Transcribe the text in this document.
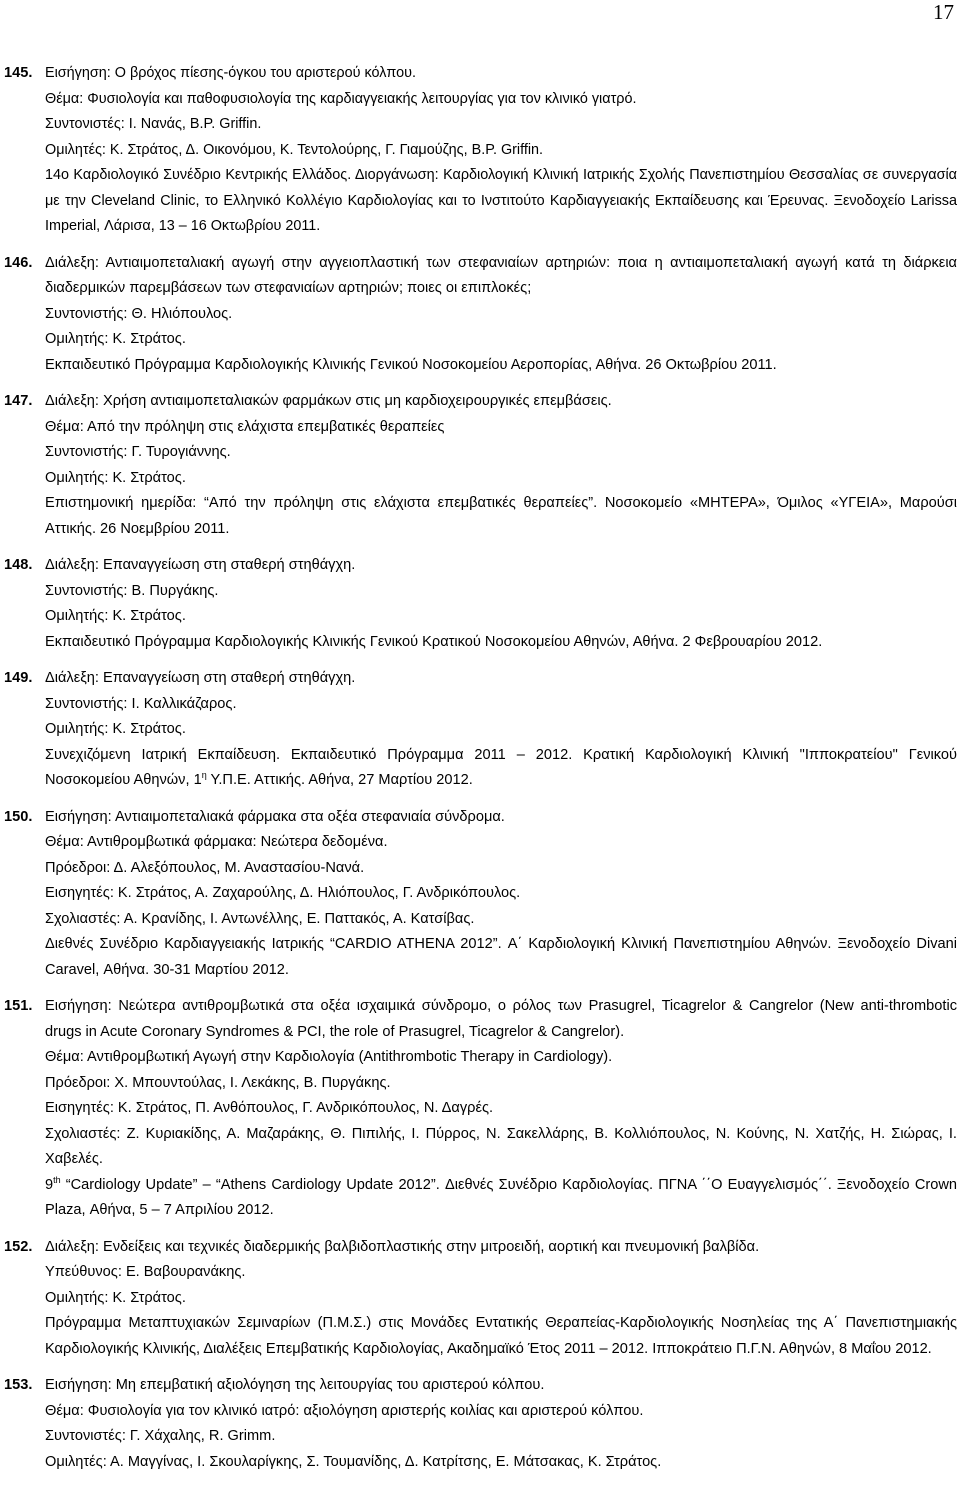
17
145. Εισήγηση: Ο βρόχος πίεσης-όγκου του αριστερού κόλπου.
Θέμα: Φυσιολογία και παθοφυσιολογία της καρδιαγγειακής λειτουργίας για τον κλινικό γιατρό.
Συντονιστές: Ι. Νανάς, Β.Ρ. Griffin.
Ομιλητές: Κ. Στράτος, Δ. Οικονόμου, Κ. Τεντολούρης, Γ. Γιαμούζης, Β.Ρ. Griffin.
14ο Καρδιολογικό Συνέδριο Κεντρικής Ελλάδος. Διοργάνωση: Καρδιολογική Κλινική Ιατρικής Σχολής Πανεπιστημίου Θεσσαλίας σε συνεργασία με την Cleveland Clinic, το Ελληνικό Κολλέγιο Καρδιολογίας και το Ινστιτούτο Καρδιαγγειακής Εκπαίδευσης και Έρευνας. Ξενοδοχείο Larissa Imperial, Λάρισα, 13 – 16 Οκτωβρίου 2011.
146. Διάλεξη: Αντιαιμοπεταλιακή αγωγή στην αγγειοπλαστική των στεφανιαίων αρτηριών: ποια η αντιαιμοπεταλιακή αγωγή κατά τη διάρκεια διαδερμικών παρεμβάσεων των στεφανιαίων αρτηριών; ποιες οι επιπλοκές;
Συντονιστής: Θ. Ηλιόπουλος.
Ομιλητής: Κ. Στράτος.
Εκπαιδευτικό Πρόγραμμα Καρδιολογικής Κλινικής Γενικού Νοσοκομείου Αεροπορίας, Αθήνα. 26 Οκτωβρίου 2011.
147. Διάλεξη: Χρήση αντιαιμοπεταλιακών φαρμάκων στις μη καρδιοχειρουργικές επεμβάσεις.
Θέμα: Από την πρόληψη στις ελάχιστα επεμβατικές θεραπείες
Συντονιστής: Γ. Τυρογιάννης.
Ομιλητής: Κ. Στράτος.
Επιστημονική ημερίδα: “Από την πρόληψη στις ελάχιστα επεμβατικές θεραπείες”. Νοσοκομείο «ΜΗΤΕΡΑ», Όμιλος «ΥΓΕΙΑ», Μαρούσι Αττικής. 26 Νοεμβρίου 2011.
148. Διάλεξη: Επαναγγείωση στη σταθερή στηθάγχη.
Συντονιστής: Β. Πυργάκης.
Ομιλητής: Κ. Στράτος.
Εκπαιδευτικό Πρόγραμμα Καρδιολογικής Κλινικής Γενικού Κρατικού Νοσοκομείου Αθηνών, Αθήνα. 2 Φεβρουαρίου 2012.
149. Διάλεξη: Επαναγγείωση στη σταθερή στηθάγχη.
Συντονιστής: Ι. Καλλικάζαρος.
Ομιλητής: Κ. Στράτος.
Συνεχιζόμενη Ιατρική Εκπαίδευση. Εκπαιδευτικό Πρόγραμμα 2011 – 2012. Κρατική Καρδιολογική Κλινική "Ιπποκρατείου" Γενικού Νοσοκομείου Αθηνών, $1^\eta$ Υ.Π.Ε. Αττικής. Αθήνα, 27 Μαρτίου 2012.
150. Εισήγηση: Αντιαιμοπεταλιακά φάρμακα στα οξέα στεφανιαία σύνδρομα.
Θέμα: Αντιθρομβωτικά φάρμακα: Νεώτερα δεδομένα.
Πρόεδροι: Δ. Αλεξόπουλος, Μ. Αναστασίου-Νανά.
Εισηγητές: Κ. Στράτος, Α. Ζαχαρούλης, Δ. Ηλιόπουλος, Γ. Ανδρικόπουλος.
Σχολιαστές: Α. Κρανίδης, Ι. Αντωνέλλης, Ε. Παττακός, Α. Κατσίβας.
Διεθνές Συνέδριο Καρδιαγγειακής Ιατρικής “CARDIO ATHENA 2012”. Α΄ Καρδιολογική Κλινική Πανεπιστημίου Αθηνών. Ξενοδοχείο Divani Caravel, Αθήνα. 30-31 Μαρτίου 2012.
151. Εισήγηση: Νεώτερα αντιθρομβωτικά στα οξέα ισχαιμικά σύνδρομο, ο ρόλος των Prasugrel, Ticagrelor & Cangrelor (New anti-thrombotic drugs in Acute Coronary Syndromes & PCI, the role of Prasugrel, Ticagrelor & Cangrelor).
Θέμα: Αντιθρομβωτική Αγωγή στην Καρδιολογία (Antithrombotic Therapy in Cardiology).
Πρόεδροι: Χ. Μπουντούλας, Ι. Λεκάκης, Β. Πυργάκης.
Εισηγητές: Κ. Στράτος, Π. Ανθόπουλος, Γ. Ανδρικόπουλος, Ν. Δαγρές.
Σχολιαστές: Ζ. Κυριακίδης, Α. Μαζαράκης, Θ. Πιπιλής, Ι. Πύρρος, Ν. Σακελλάρης, Β. Κολλιόπουλος, Ν. Κούνης, Ν. Χατζής, Η. Σιώρας, Ι. Χαβελές.
9th “Cardiology Update” – “Athens Cardiology Update 2012”. Διεθνές Συνέδριο Καρδιολογίας. ΠΓΝΑ ΄΄Ο Ευαγγελισμός΄΄. Ξενοδοχείο Crown Plaza, Αθήνα, 5 – 7 Απριλίου 2012.
152. Διάλεξη: Ενδείξεις και τεχνικές διαδερμικής βαλβιδοπλαστικής στην μιτροειδή, αορτική και πνευμονική βαλβίδα.
Υπεύθυνος: Ε. Βαβουρανάκης.
Ομιλητής: Κ. Στράτος.
Πρόγραμμα Μεταπτυχιακών Σεμιναρίων (Π.Μ.Σ.) στις Μονάδες Εντατικής Θεραπείας-Καρδιολογικής Νοσηλείας της Α΄ Πανεπιστημιακής Καρδιολογικής Κλινικής, Διαλέξεις Επεμβατικής Καρδιολογίας, Ακαδημαϊκό Έτος 2011 – 2012. Ιπποκράτειο Π.Γ.Ν. Αθηνών, 8 Μαΐου 2012.
153. Εισήγηση: Μη επεμβατική αξιολόγηση της λειτουργίας του αριστερού κόλπου.
Θέμα: Φυσιολογία για τον κλινικό ιατρό: αξιολόγηση αριστερής κοιλίας και αριστερού κόλπου.
Συντονιστές: Γ. Χάχαλης, R. Grimm.
Ομιλητές: Α. Μαγγίνας, Ι. Σκουλαρίγκης, Σ. Τουμανίδης, Δ. Κατρίτσης, Ε. Μάτσακας, Κ. Στράτος.
